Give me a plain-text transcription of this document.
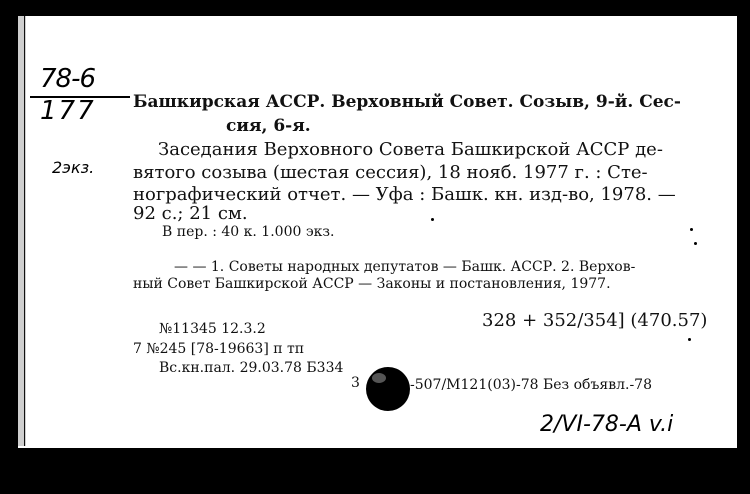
78-6
177
2экз.
Башкирская АССР. Верховный Совет. Созыв, 9-й. Сес-
сия, 6-я.
Заседания Верховного Совета Башкирской АССР де-
вятого созыва (шестая сессия), 18 нояб. 1977 г. : Сте-
нографический отчет. — Уфа : Башк. кн. изд-во, 1978. —
92 с.; 21 см.
В пер. : 40 к. 1.000 экз.
— — 1. Советы народных депутатов — Башк. АССР. 2. Верхов-
ный Совет Башкирской АССР — Законы и постановления, 1977.
328 + 352/354] (470.57)
№11345 12.3.2
7 №245 [78-19663] п тп
Вс.кн.пал. 29.03.78 Б334
3	-507/М121(03)-78 Без объявл.-78
2/VI-78-А v.i
